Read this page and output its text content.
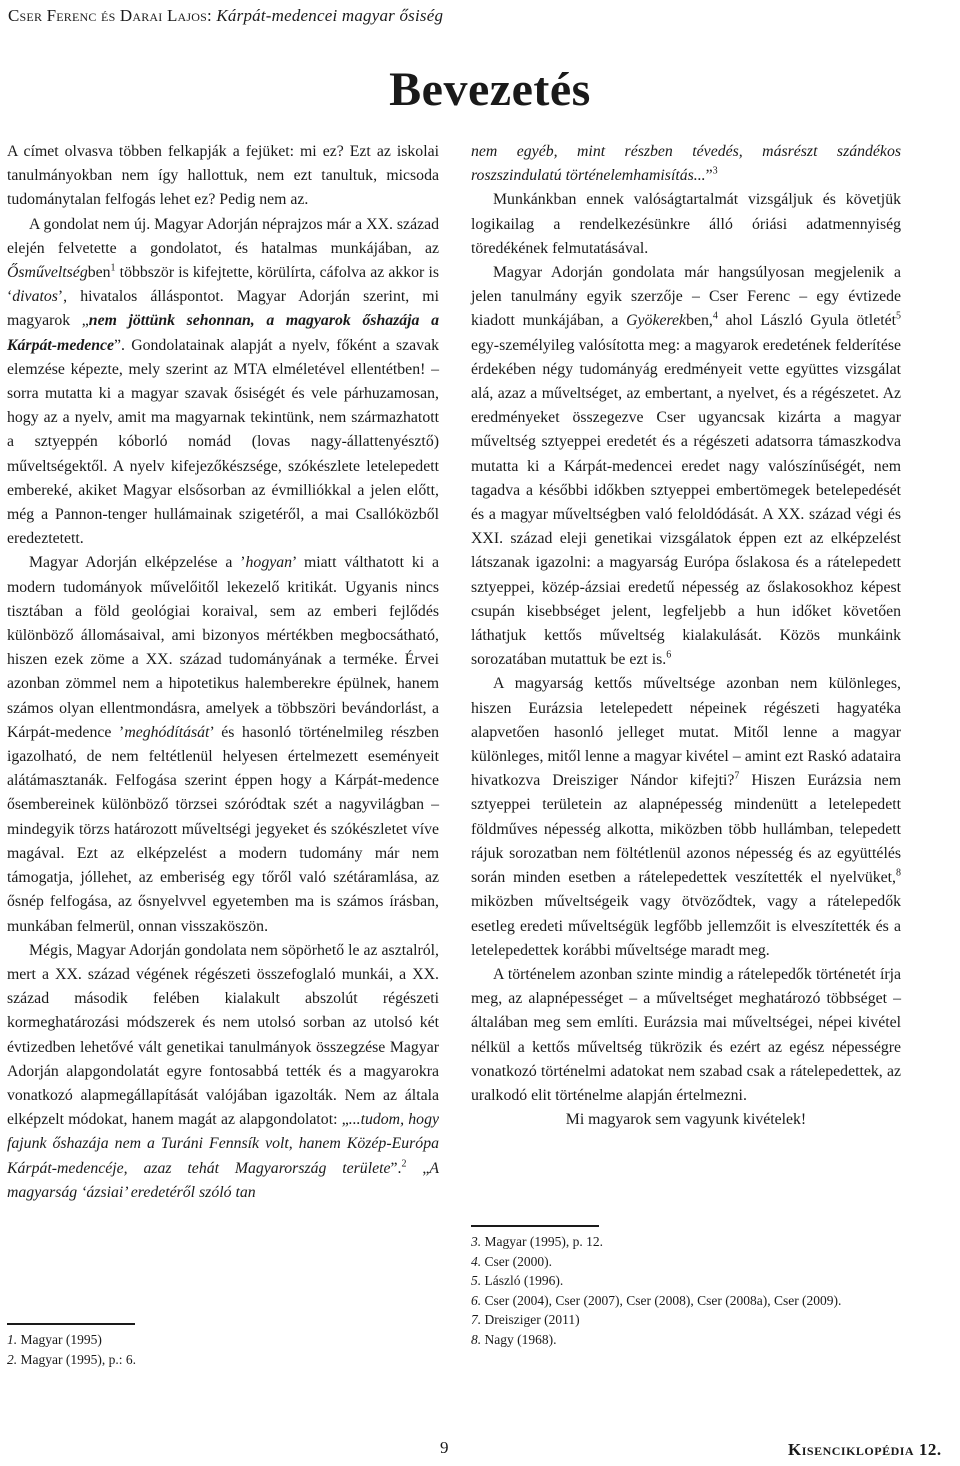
Cser Ferenc és Darai Lajos: Kárpát-medencei magyar ősiség
Bevezetés

A címet olvasva többen felkapják a fejüket: mi ez? Ezt az iskolai tanulmányokban nem így hallottuk, nem ezt tanultuk, micsoda tudománytalan felfogás lehet ez? Pedig nem az.

A gondolat nem új. Magyar Adorján néprajzos már a XX. század elején felvetette a gondolatot, és hatalmas munkájában, az Ősműveltségben$^1$ többször is kifejtette, körülírta, cáfolva az akkor is ‘divatos’, hivatalos álláspontot. Magyar Adorján szerint, mi magyarok „nem jöttünk sehonnan, a magyarok őshazája a Kárpát-medence”. Gondolatainak alapját a nyelv, főként a szavak elemzése képezte, mely szerint az MTA elméletével ellentétben! – sorra mutatta ki a magyar szavak ősiségét és vele párhuzamosan, hogy az a nyelv, amit ma magyarnak tekintünk, nem származhatott a sztyeppén kóborló nomád (lovas nagy-állattenyésztő) műveltségektől. A nyelv kifejezőkészsége, szókészlete letelepedett embereké, akiket Magyar elsősorban az évmilliókkal a jelen előtt, még a Pannon-tenger hullámainak szigetéről, a mai Csallóközből eredeztetett.

Magyar Adorján elképzelése a ’hogyan’ miatt válthatott ki a modern tudományok művelőitől lekezelő kritikát. Ugyanis nincs tisztában a föld geológiai koraival, sem az emberi fejlődés különböző állomásaival, ami bizonyos mértékben megbocsátható, hiszen ezek zöme a XX. század tudományának a terméke. Érvei azonban zömmel nem a hipotetikus halemberekre épülnek, hanem számos olyan ellentmondásra, amelyek a többszöri bevándorlást, a Kárpát-medence ’meghódítását’ és hasonló történelmileg részben igazolható, de nem feltétlenül helyesen értelmezett eseményeit alátámasztanák. Felfogása szerint éppen hogy a Kárpát-medence ősembereinek különböző törzsei szóródtak szét a nagyvilágban – mindegyik törzs határozott műveltségi jegyeket és szókészletet víve magával. Ezt az elképzelést a modern tudomány már nem támogatja, jóllehet, az emberiség egy tőről való szétáramlása, az ősnép felfogása, az ősnyelvvel egyetemben ma is számos írásban, munkában felmerül, onnan visszaköszön.

Mégis, Magyar Adorján gondolata nem söpörhető le az asztalról, mert a XX. század végének régészeti összefoglaló munkái, a XX. század második felében kialakult abszolút régészeti kormeghatározási módszerek és nem utolsó sorban az utolsó két évtizedben lehetővé vált genetikai tanulmányok összegzése Magyar Adorján alapgondolatát egyre fontosabbá tették és a magyarokra vonatkozó alapmegállapítását valójában igazolták. Nem az általa elképzelt módokat, hanem magát az alapgondolatot: „...tudom, hogy fajunk őshazája nem a Turáni Fennsík volt, hanem Közép-Európa Kárpát-medencéje, azaz tehát Magyarország területe”.$^2$ „A magyarság ‘ázsiai’ eredetéről szóló tan

nem egyéb, mint részben tévedés, másrészt szándékos roszszindulatú történelemhamisítás...”$^3$

Munkánkban ennek valóságtartalmát vizsgáljuk és követjük logikailag a rendelkezésünkre álló óriási adatmennyiség töredékének felmutatásával.

Magyar Adorján gondolata már hangsúlyosan megjelenik a jelen tanulmány egyik szerzője – Cser Ferenc – egy évtizede kiadott munkájában, a Gyökerekben,$^4$ ahol László Gyula ötletét$^5$ egy-személyileg valósította meg: a magyarok eredetének felderítése érdekében négy tudományág eredményeit vette együttes vizsgálat alá, azaz a műveltséget, az embertant, a nyelvet, és a régészetet. Az eredményeket összegezve Cser ugyancsak kizárta a magyar műveltség sztyeppei eredetét és a régészeti adatsorra támaszkodva mutatta ki a Kárpát-medencei eredet nagy valószínűségét, nem tagadva a későbbi időkben sztyeppei embertömegek betelepedését és a magyar műveltségben való feloldódását. A XX. század végi és XXI. század eleji genetikai vizsgálatok éppen ezt az elképzelést látszanak igazolni: a magyarság Európa őslakosa és a rátelepedett sztyeppei, közép-ázsiai eredetű népesség az őslakosokhoz képest csupán kisebbséget jelent, legfeljebb a hun időket követően láthatjuk kettős műveltség kialakulását. Közös munkáink sorozatában mutattuk be ezt is.$^6$

A magyarság kettős műveltsége azonban nem különleges, hiszen Eurázsia letelepedett népeinek régészeti hagyatéka alapvetően hasonló jelleget mutat. Mitől lenne a magyar különleges, mitől lenne a magyar kivétel – amint ezt Raskó adataira hivatkozva Dreisziger Nándor kifejti?$^7$ Hiszen Eurázsia nem sztyeppei területein az alapnépesség mindenütt a letelepedett földműves népesség alkotta, miközben több hullámban, telepedett rájuk sorozatban nem föltétlenül azonos népesség és az együttélés során minden esetben a rátelepedettek veszítették el nyelvüket,$^8$ miközben műveltségeik vagy ötvöződtek, vagy a rátelepedők esetleg eredeti műveltségük legfőbb jellemzőit is elveszítették és a letelepedettek korábbi műveltsége maradt meg.

A történelem azonban szinte mindig a rátelepedők történetét írja meg, az alapnépességet – a műveltséget meghatározó többséget – általában meg sem említi. Eurázsia mai műveltségei, népei kivétel nélkül a kettős műveltség tükrözik és ezért az egész népességre vonatkozó történelmi adatokat nem szabad csak a rátelepedettek, az uralkodó elit történelme alapján értelmezni.

Mi magyarok sem vagyunk kivételek!

1. Magyar (1995)
2. Magyar (1995), p.: 6.
3. Magyar (1995), p. 12.
4. Cser (2000).
5. László (1996).
6. Cser (2004), Cser (2007), Cser (2008), Cser (2008a), Cser (2009).
7. Dreisziger (2011)
8. Nagy (1968).
9	Kisenciklopédia 12.
